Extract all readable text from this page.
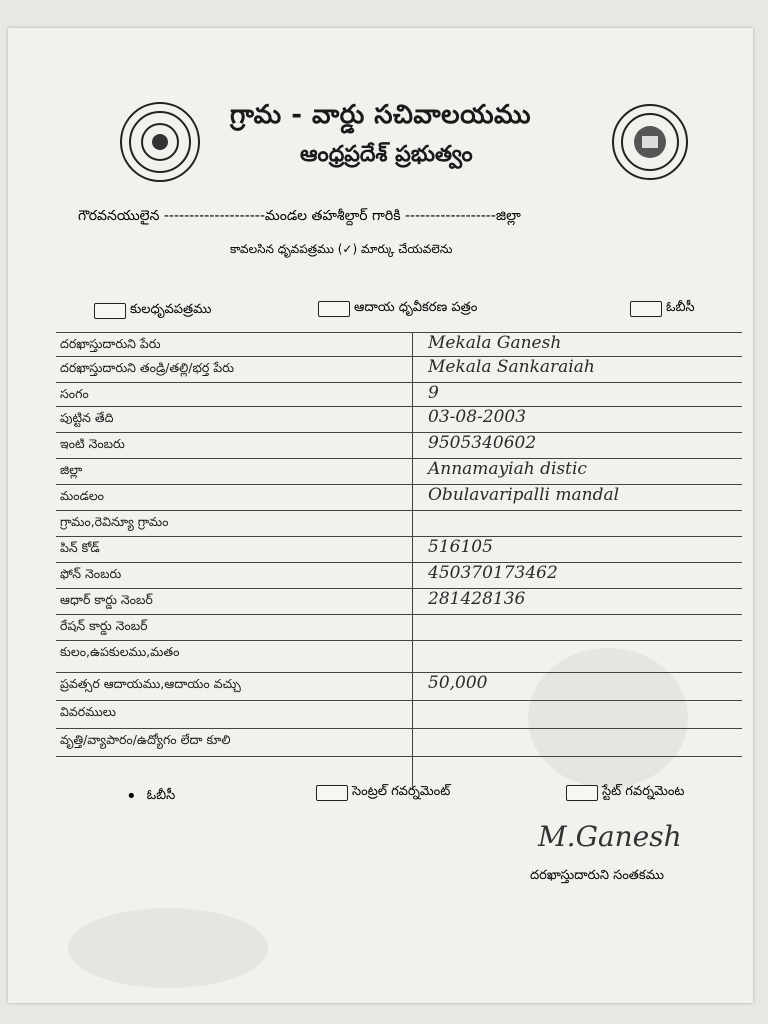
గ్రామ - వార్డు సచివాలయము
ఆంధ్రప్రదేశ్ ప్రభుత్వం
గౌరవనయులైన --------------------మండల తహశీల్దార్ గారికి ------------------జిల్లా
కావలసిన ధృవపత్రము (✓) మార్కు చేయవలెను
కులధృవపత్రము	ఆదాయ ధృవీకరణ పత్రం	ఓబీసీ
దరఖాస్తుదారుని పేరు	Mekala Ganesh
దరఖాస్తుదారుని తండ్రి/తల్లి/భర్త పేరు	Mekala Sankaraiah
సంగం	9
పుట్టిన తేది	03-08-2003
ఇంటి నెంబరు	9505340602
జిల్లా	Annamayiah distic
మండలం	Obulavaripalli mandal
గ్రామం,రెవిన్యూ గ్రామం
పిన్ కోడ్	516105
ఫోన్ నెంబరు	450370173462
ఆధార్ కార్డు నెంబర్	281428136
రేషన్ కార్డు నెంబర్
కులం,ఉపకులము,మతం
ప్రవత్సర ఆదాయము,ఆదాయం వచ్చు	50,000
వివరములు
వృత్తి/వ్యాపారం/ఉద్యోగం లేదా కూలి
• ఓబీసీ	సెంట్రల్ గవర్నమెంట్	స్టేట్ గవర్నమెంట
M.Ganesh
దరఖాస్తుదారుని సంతకము
